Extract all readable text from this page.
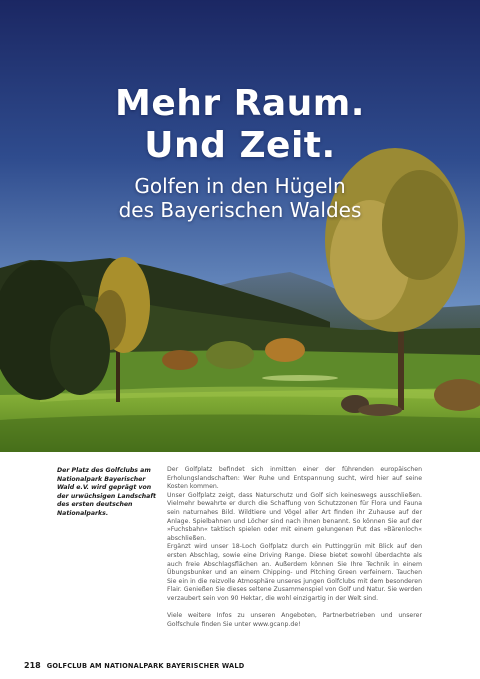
Mehr Raum.
Und Zeit.
Golfen in den Hügeln
des Bayerischen Waldes
Der Platz des Golfclubs am Nationalpark Bayerischer Wald e.V. wird geprägt von der urwüchsigen Landschaft des ersten deutschen Nationalparks.

Der Golfplatz befindet sich inmitten einer der führenden europäischen Erholungslandschaften: Wer Ruhe und Entspannung sucht, wird hier auf seine Kosten kommen.

Unser Golfplatz zeigt, dass Naturschutz und Golf sich keineswegs ausschließen. Vielmehr bewahrte er durch die Schaffung von Schutzzonen für Flora und Fauna sein naturnahes Bild. Wildtiere und Vögel aller Art finden ihr Zuhause auf der Anlage. Spielbahnen und Löcher sind nach ihnen benannt. So können Sie auf der »Fuchsbahn« taktisch spielen oder mit einem gelungenen Put das »Bärenloch« abschließen.

Ergänzt wird unser 18-Loch Golfplatz durch ein Puttinggrün mit Blick auf den ersten Abschlag, sowie eine Driving Range. Diese bietet sowohl überdachte als auch freie Abschlagsflächen an. Außerdem können Sie Ihre Technik in einem Übungsbunker und an einem Chipping- und Pitching Green verfeinern. Tauchen Sie ein in die reizvolle Atmosphäre unseres jungen Golfclubs mit dem besonderen Flair. Genießen Sie dieses seltene Zusammenspiel von Golf und Natur. Sie werden verzaubert sein von 90 Hektar, die wohl einzigartig in der Welt sind.

Viele weitere Infos zu unseren Angeboten, Partnerbetrieben und unserer Golfschule finden Sie unter www.gcanp.de!

218 GOLFCLUB AM NATIONALPARK BAYERISCHER WALD
